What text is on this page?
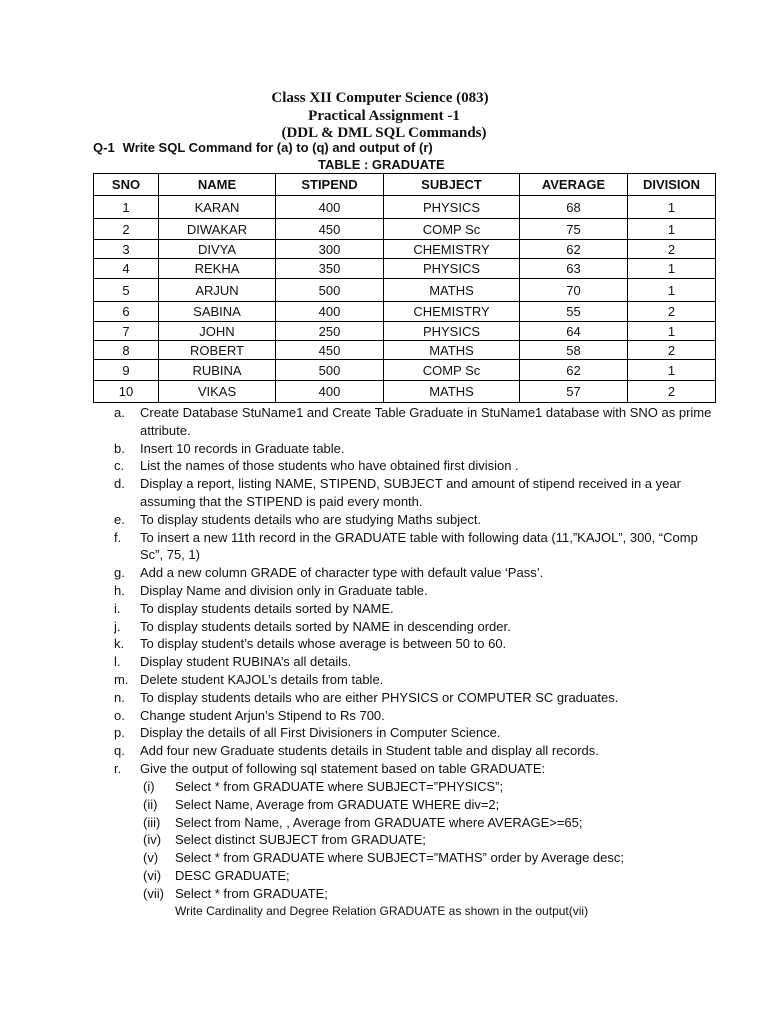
Class XII Computer Science (083)
Practical Assignment -1
(DDL & DML SQL Commands)
Q-1 Write SQL Command for (a) to (q) and output of (r)
TABLE : GRADUATE
SNO	NAME	STIPEND	SUBJECT	AVERAGE	DIVISION
1	KARAN	400	PHYSICS	68	1
2	DIWAKAR	450	COMP Sc	75	1
3	DIVYA	300	CHEMISTRY	62	2
4	REKHA	350	PHYSICS	63	1
5	ARJUN	500	MATHS	70	1
6	SABINA	400	CHEMISTRY	55	2
7	JOHN	250	PHYSICS	64	1
8	ROBERT	450	MATHS	58	2
9	RUBINA	500	COMP Sc	62	1
10	VIKAS	400	MATHS	57	2
a.	Create Database StuName1 and Create Table Graduate in StuName1 database with SNO as prime attribute.
b.	Insert 10 records in Graduate table.
c.	List the names of those students who have obtained first division .
d.	Display a report, listing NAME, STIPEND, SUBJECT and amount of stipend received in a year assuming that the STIPEND is paid every month.
e.	To display students details who are studying Maths subject.
f.	To insert a new 11th record in the GRADUATE table with following data (11,”KAJOL”, 300, “Comp Sc”, 75, 1)
g.	Add a new column GRADE of character type with default value ‘Pass’.
h.	Display Name and division only in Graduate table.
i.	To display students details sorted by NAME.
j.	To display students details sorted by NAME in descending order.
k.	To display student’s details whose average is between 50 to 60.
l.	Display student RUBINA’s all details.
m. Delete student KAJOL’s details from table.
n.	To display students details who are either PHYSICS or COMPUTER SC graduates.
o.	Change student Arjun’s Stipend to Rs 700.
p.	Display the details of all First Divisioners in Computer Science.
q.	Add four new Graduate students details in Student table and display all records.
r.	Give the output of following sql statement based on table GRADUATE:
(i)	Select * from GRADUATE where SUBJECT=”PHYSICS”;
(ii)	Select Name, Average from GRADUATE WHERE div=2;
(iii)	Select from Name, , Average from GRADUATE where AVERAGE>=65;
(iv)	Select distinct SUBJECT from GRADUATE;
(v)	Select * from GRADUATE where SUBJECT=”MATHS” order by Average desc;
(vi)	DESC GRADUATE;
(vii) Select * from GRADUATE;
Write Cardinality and Degree Relation GRADUATE as shown in the output(vii)
